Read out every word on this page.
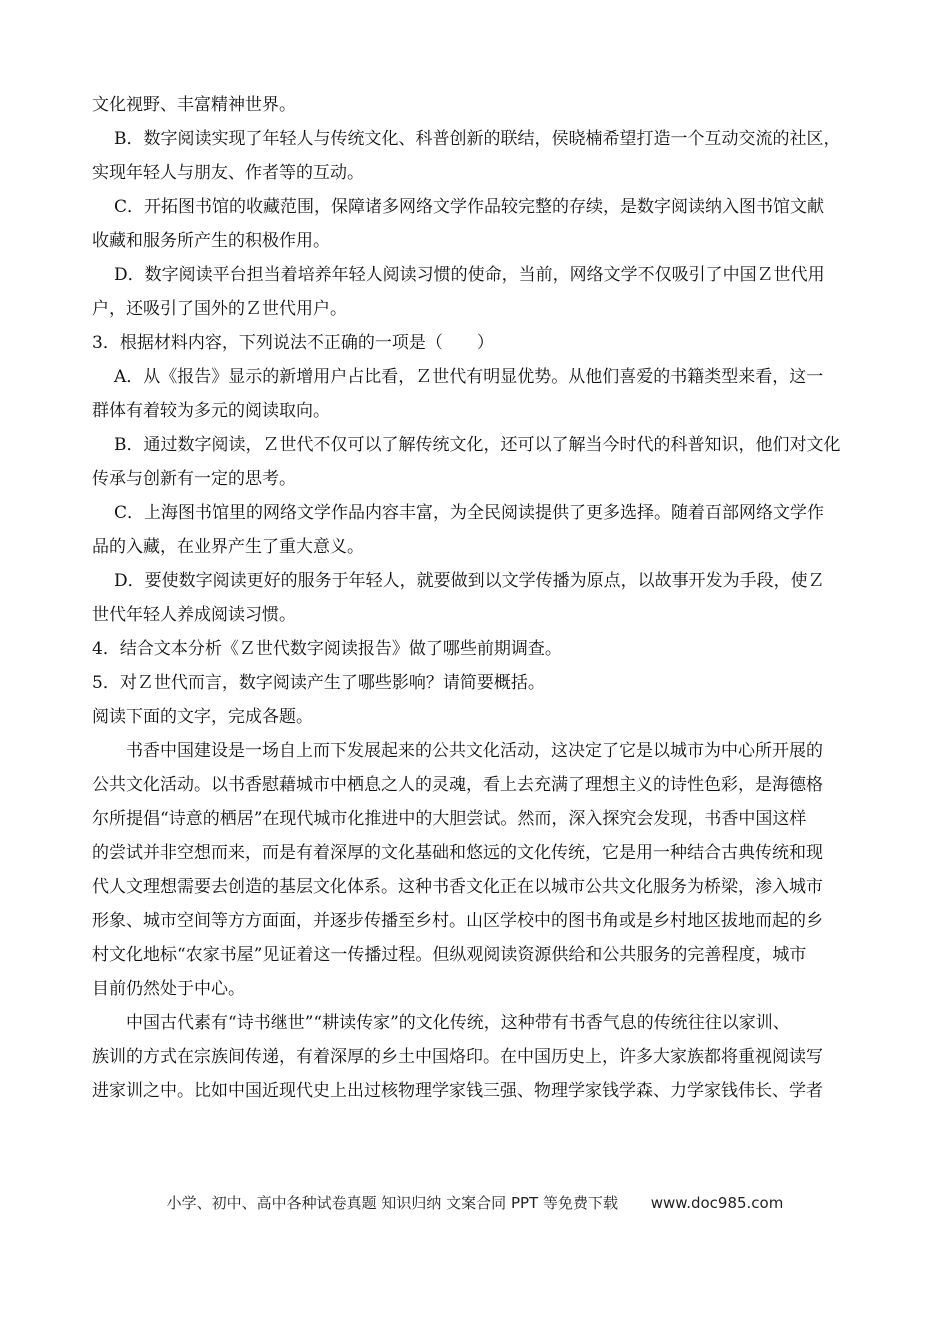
文化视野、丰富精神世界。
B．数字阅读实现了年轻人与传统文化、科普创新的联结，侯晓楠希望打造一个互动交流的社区，
实现年轻人与朋友、作者等的互动。
C．开拓图书馆的收藏范围，保障诸多网络文学作品较完整的存续，是数字阅读纳入图书馆文献
收藏和服务所产生的积极作用。
D．数字阅读平台担当着培养年轻人阅读习惯的使命，当前，网络文学不仅吸引了中国Ｚ世代用
户，还吸引了国外的Ｚ世代用户。
3．根据材料内容，下列说法不正确的一项是（　　）
A．从《报告》显示的新增用户占比看，Ｚ世代有明显优势。从他们喜爱的书籍类型来看，这一
群体有着较为多元的阅读取向。
B．通过数字阅读，Ｚ世代不仅可以了解传统文化，还可以了解当今时代的科普知识，他们对文化
传承与创新有一定的思考。
C．上海图书馆里的网络文学作品内容丰富，为全民阅读提供了更多选择。随着百部网络文学作
品的入藏，在业界产生了重大意义。
D．要使数字阅读更好的服务于年轻人，就要做到以文学传播为原点，以故事开发为手段，使Ｚ
世代年轻人养成阅读习惯。
4．结合文本分析《Ｚ世代数字阅读报告》做了哪些前期调查。
5．对Ｚ世代而言，数字阅读产生了哪些影响？请简要概括。
阅读下面的文字，完成各题。
书香中国建设是一场自上而下发展起来的公共文化活动，这决定了它是以城市为中心所开展的
公共文化活动。以书香慰藉城市中栖息之人的灵魂，看上去充满了理想主义的诗性色彩，是海德格
尔所提倡“诗意的栖居”在现代城市化推进中的大胆尝试。然而，深入探究会发现，书香中国这样
的尝试并非空想而来，而是有着深厚的文化基础和悠远的文化传统，它是用一种结合古典传统和现
代人文理想需要去创造的基层文化体系。这种书香文化正在以城市公共文化服务为桥梁，渗入城市
形象、城市空间等方方面面，并逐步传播至乡村。山区学校中的图书角或是乡村地区拔地而起的乡
村文化地标“农家书屋”见证着这一传播过程。但纵观阅读资源供给和公共服务的完善程度，城市
目前仍然处于中心。
中国古代素有“诗书继世”“耕读传家”的文化传统，这种带有书香气息的传统往往以家训、
族训的方式在宗族间传递，有着深厚的乡土中国烙印。在中国历史上，许多大家族都将重视阅读写
进家训之中。比如中国近现代史上出过核物理学家钱三强、物理学家钱学森、力学家钱伟长、学者
小学、初中、高中各种试卷真题 知识归纳 文案合同 PPT 等免费下载 www.doc985.com
